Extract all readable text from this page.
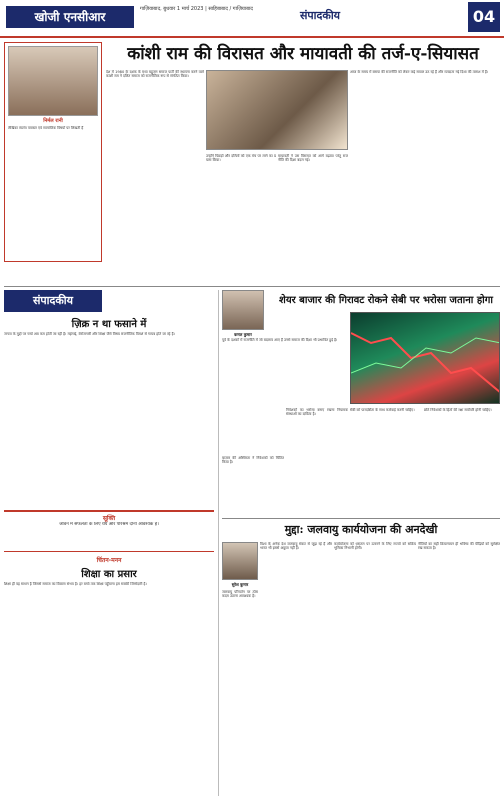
खोजी एनसीआर
गाज़ियाबाद, बुधवार 1 मार्च 2023 | साहिबाबाद / गाज़ियाबाद	संपादकीय	04
निर्मल रानी
लेखिका स्वतंत्र पत्रकार एवं सामाजिक विषयों पर लिखती हैं
कांशी राम की विरासत और मायावती की तर्ज-ए-सियासत
देश में 1980 के दशक के मध्य बहुजन समाज पार्टी की स्थापना करने वाले कांशी राम ने दलित समाज को राजनीतिक रूप से संगठित किया।
उन्होंने पिछड़ों और दलितों को एक मंच पर लाने का प्रयास किया।
मायावती ने उस विरासत को आगे बढ़ाया परंतु राजनीति की दिशा बदल गई।
आज के समय में बसपा की राजनीति को लेकर कई सवाल उठ रहे हैं और मतदाता नई दिशा की तलाश में हैं।
संपादकीय
ज़िक्र न था फसाने में
जनता के मुद्दों पर चर्चा अब कम होती जा रही है। महंगाई, बेरोजगारी और शिक्षा जैसे विषय राजनीतिक विमर्श से गायब होते जा रहे हैं।
सूक्ति
जीवन में सफलता के लिए धैर्य और परिश्रम दोनों आवश्यक हैं।
चिंतन-मनन
शिक्षा का प्रसार
शिक्षा ही वह साधन है जिससे समाज का विकास संभव है। हर बच्चे तक शिक्षा पहुँचाना हम सबकी जिम्मेदारी है।
कमल कुमार
पूर्व के दशकों में राजनीति में जो बदलाव आए हैं उनसे समाज की दिशा भी प्रभावित हुई है।
शेयर बाजार की गिरावट रोकने सेबी पर भरोसा जताना होगा
बाज़ार की अस्थिरता ने निवेशकों को चिंतित किया है।
निवेशकों का भरोसा बनाए रखना नियामक संस्थाओं का दायित्व है।
सेबी को पारदर्शिता के साथ कार्रवाई करनी चाहिए।	छोटे निवेशकों के हितों की रक्षा सर्वोपरि होनी चाहिए।
मुद्दा: जलवायु कार्ययोजना की अनदेखी
सुरेश कुमार
जलवायु परिवर्तन पर ठोस कदम उठाना आवश्यक है।
विश्व के अनेक देश जलवायु संकट से जूझ रहे हैं और भारत भी इससे अछूता नहीं है।
कार्ययोजना को धरातल पर उतारने के लिए राज्यों को सक्रिय भूमिका निभानी होगी।
नीतियों का सही क्रियान्वयन ही भविष्य की पीढ़ियों को सुरक्षित रख सकता है।
